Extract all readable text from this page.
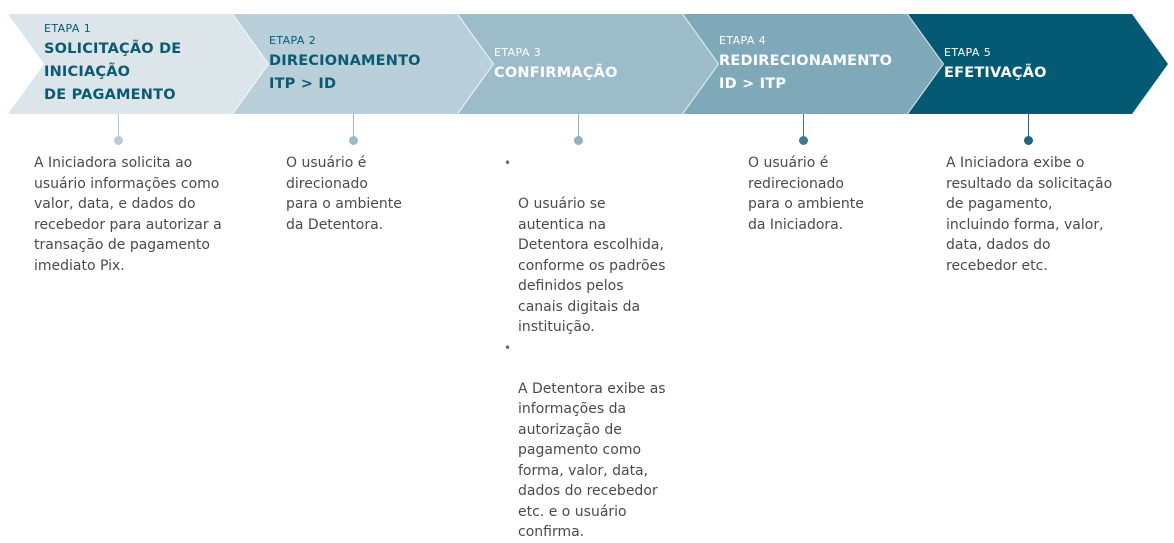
ETAPA 1
SOLICITAÇÃO DE
INICIAÇÃO
DE PAGAMENTO
ETAPA 2
DIRECIONAMENTO
ITP > ID
ETAPA 3
CONFIRMAÇÃO
ETAPA 4
REDIRECIONAMENTO
ID > ITP
ETAPA 5
EFETIVAÇÃO
A Iniciadora solicita ao
usuário informações como
valor, data, e dados do
recebedor para autorizar a
transação de pagamento
imediato Pix.
O usuário é
direcionado
para o ambiente
da Detentora.

•

O usuário se
autentica na
Detentora escolhida,
conforme os padrões
definidos pelos
canais digitais da
instituição.

•

A Detentora exibe as
informações da
autorização de
pagamento como
forma, valor, data,
dados do recebedor
etc. e o usuário
confirma.

O usuário é
redirecionado
para o ambiente
da Iniciadora.
A Iniciadora exibe o
resultado da solicitação
de pagamento,
incluindo forma, valor,
data, dados do
recebedor etc.
